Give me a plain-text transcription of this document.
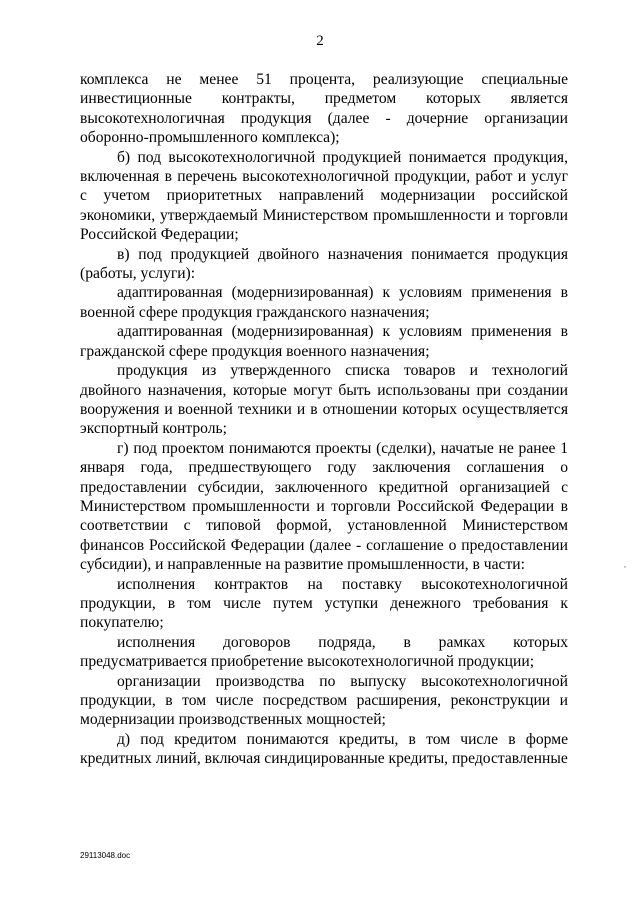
2

комплекса не менее 51 процента, реализующие специальные инвестиционные контракты, предметом которых является высокотехнологичная продукция (далее - дочерние организации оборонно-промышленного комплекса);

б) под высокотехнологичной продукцией понимается продукция, включенная в перечень высокотехнологичной продукции, работ и услуг с учетом приоритетных направлений модернизации российской экономики, утверждаемый Министерством промышленности и торговли Российской Федерации;

в) под продукцией двойного назначения понимается продукция (работы, услуги):

адаптированная (модернизированная) к условиям применения в военной сфере продукция гражданского назначения;

адаптированная (модернизированная) к условиям применения в гражданской сфере продукция военного назначения;

продукция из утвержденного списка товаров и технологий двойного назначения, которые могут быть использованы при создании вооружения и военной техники и в отношении которых осуществляется экспортный контроль;

г) под проектом понимаются проекты (сделки), начатые не ранее 1 января года, предшествующего году заключения соглашения о предоставлении субсидии, заключенного кредитной организацией с Министерством промышленности и торговли Российской Федерации в соответствии с типовой формой, установленной Министерством финансов Российской Федерации (далее - соглашение о предоставлении субсидии), и направленные на развитие промышленности, в части:

исполнения контрактов на поставку высокотехнологичной продукции, в том числе путем уступки денежного требования к покупателю;

исполнения договоров подряда, в рамках которых предусматривается приобретение высокотехнологичной продукции;

организации производства по выпуску высокотехнологичной продукции, в том числе посредством расширения, реконструкции и модернизации производственных мощностей;

д) под кредитом понимаются кредиты, в том числе в форме кредитных линий, включая синдицированные кредиты, предоставленные

,
29113048.doc
